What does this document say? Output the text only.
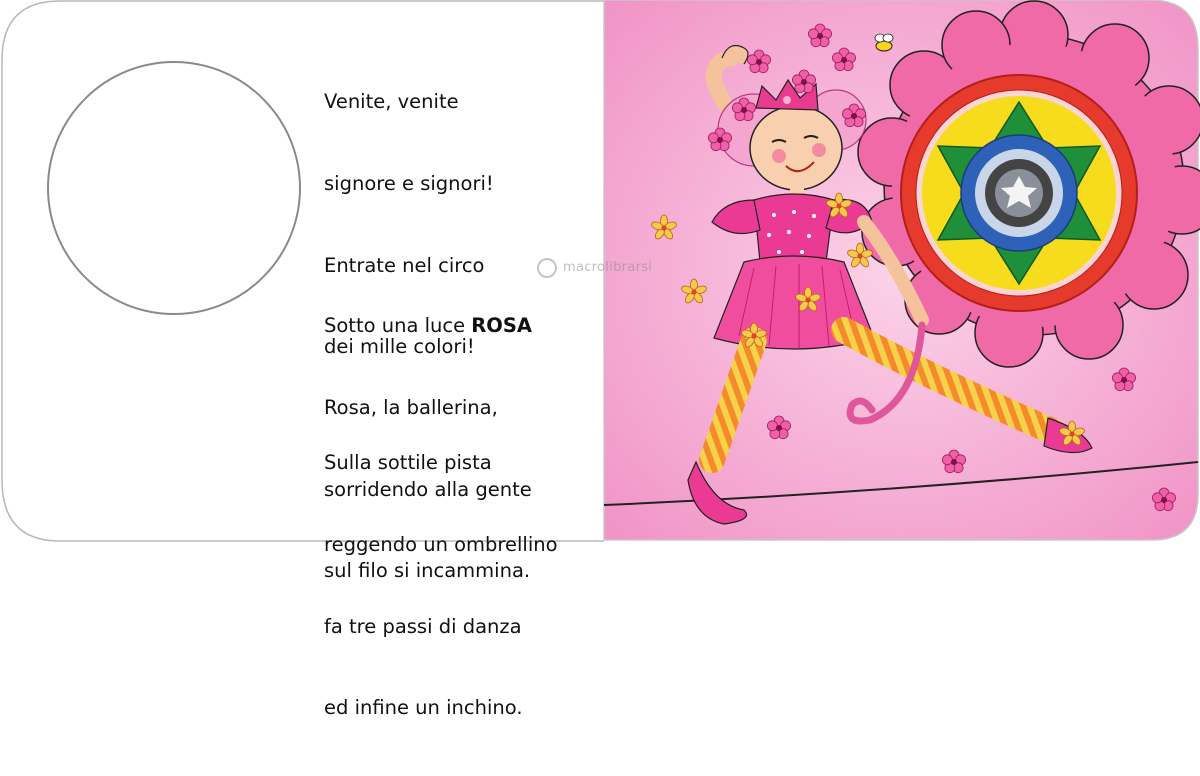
Venite, venite

signore e signori!

Entrate nel circo

dei mille colori!

Sotto una luce ROSA

Rosa, la ballerina,

sorridendo alla gente

sul filo si incammina.

Sulla sottile pista

reggendo un ombrellino

fa tre passi di danza

ed infine un inchino.

macrolibrarsi
